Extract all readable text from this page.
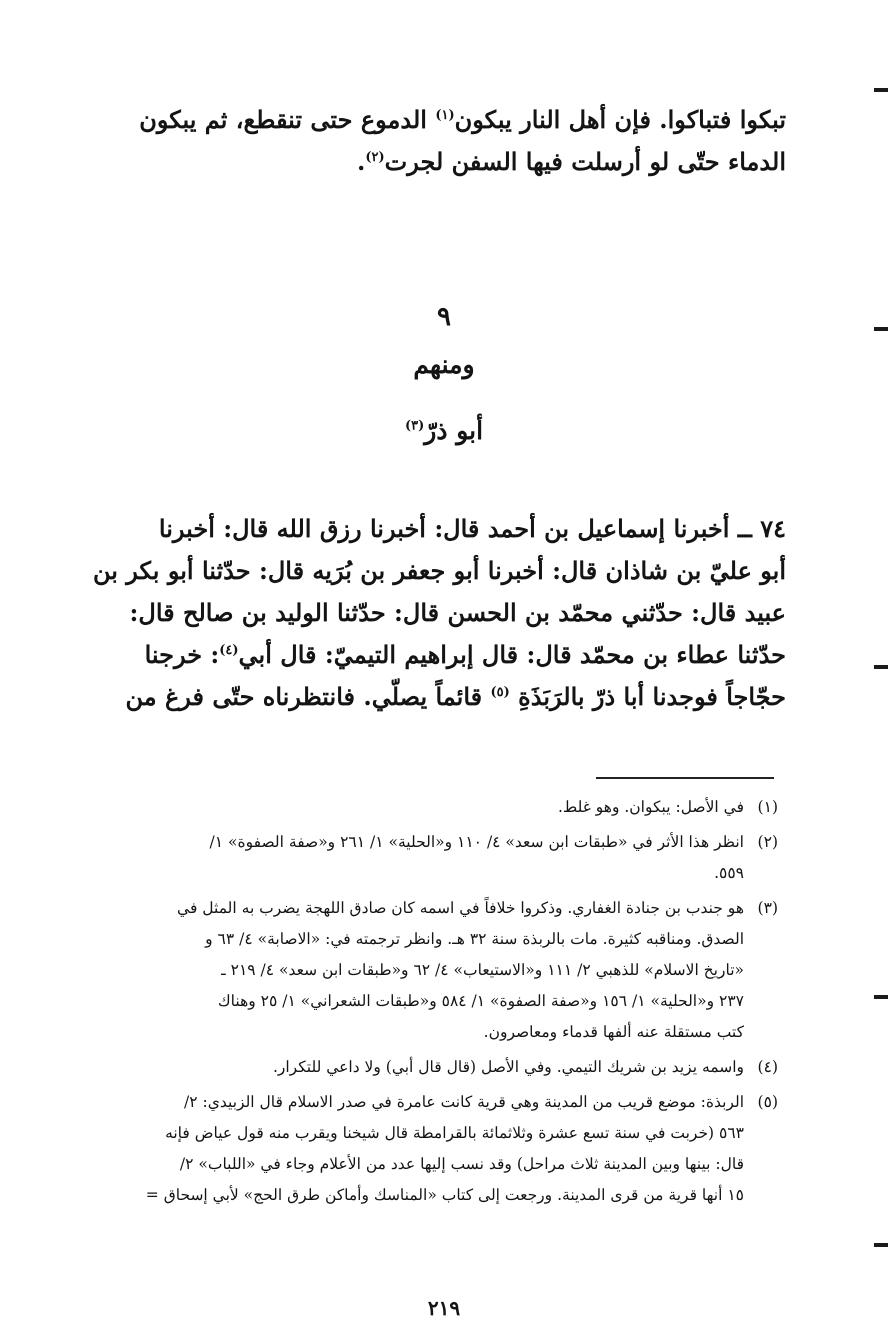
تبكوا فتباكوا. فإن أهل النار يبكون$^{(١)}$ الدموع حتى تنقطع، ثم يبكون
الدماء حتّى لو أرسلت فيها السفن لجرت$^{(٢)}$.
٩
ومنهم
أبو ذرّ$^{(٣)}$
٧٤ ــ أخبرنا إسماعيل بن أحمد قال: أخبرنا رزق الله قال: أخبرنا
أبو عليّ بن شاذان قال: أخبرنا أبو جعفر بن بُرَيه قال: حدّثنا أبو بكر بن
عبيد قال: حدّثني محمّد بن الحسن قال: حدّثنا الوليد بن صالح قال:
حدّثنا عطاء بن محمّد قال: قال إبراهيم التيميّ: قال أبي$^{(٤)}$: خرجنا
حجّاجاً فوجدنا أبا ذرّ بالرَبَذَةِ $^{(٥)}$ قائماً يصلّي. فانتظرناه حتّى فرغ من
(١)
في الأصل: يبكوان. وهو غلط.
(٢)
انظر هذا الأثر في «طبقات ابن سعد» ٤/ ١١٠ و«الحلية» ١/ ٢٦١ و«صفة الصفوة» ١/
٥٥٩.
(٣)
هو جندب بن جنادة الغفاري. وذكروا خلافاً في اسمه كان صادق اللهجة يضرب به المثل في
الصدق. ومناقبه كثيرة. مات بالربذة سنة ٣٢ هـ. وانظر ترجمته في: «الاصابة» ٤/ ٦٣ و
«تاريخ الاسلام» للذهبي ٢/ ١١١ و«الاستيعاب» ٤/ ٦٢ و«طبقات ابن سعد» ٤/ ٢١٩ ـ
٢٣٧ و«الحلية» ١/ ١٥٦ و«صفة الصفوة» ١/ ٥٨٤ و«طبقات الشعراني» ١/ ٢٥ وهناك
كتب مستقلة عنه ألفها قدماء ومعاصرون.
(٤)
واسمه يزيد بن شريك التيمي. وفي الأصل (قال قال أبي) ولا داعي للتكرار.
(٥)
الربذة: موضع قريب من المدينة وهي قرية كانت عامرة في صدر الاسلام قال الزبيدي: ٢/
٥٦٣ (خربت في سنة تسع عشرة وثلاثمائة بالقرامطة قال شيخنا ويقرب منه قول عياض فإنه
قال: بينها وبين المدينة ثلاث مراحل) وقد نسب إليها عدد من الأعلام وجاء في «اللباب» ٢/
١٥ أنها قرية من قرى المدينة. ورجعت إلى كتاب «المناسك وأماكن طرق الحج» لأبي إسحاق =
٢١٩
